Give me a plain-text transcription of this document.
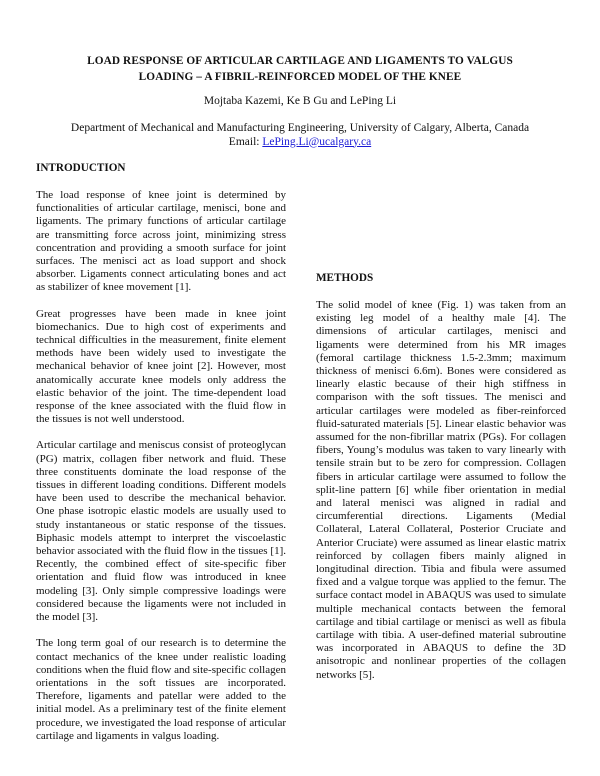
LOAD RESPONSE OF ARTICULAR CARTILAGE AND LIGAMENTS TO VALGUS
LOADING – A FIBRIL-REINFORCED MODEL OF THE KNEE
Mojtaba Kazemi, Ke B Gu and LePing Li
Department of Mechanical and Manufacturing Engineering, University of Calgary, Alberta, Canada
Email: LePing.Li@ucalgary.ca
INTRODUCTION

The load response of knee joint is determined by functionalities of articular cartilage, menisci, bone and ligaments. The primary functions of articular cartilage are transmitting force across joint, minimizing stress concentration and providing a smooth surface for joint surfaces. The menisci act as load support and shock absorber. Ligaments connect articulating bones and act as stabilizer of knee movement [1].

Great progresses have been made in knee joint biomechanics. Due to high cost of experiments and technical difficulties in the measurement, finite element methods have been widely used to investigate the mechanical behavior of knee joint [2]. However, most anatomically accurate knee models only address the elastic behavior of the joint. The time-dependent load response of the knee associated with the fluid flow in the tissues is not well understood.

Articular cartilage and meniscus consist of proteoglycan (PG) matrix, collagen fiber network and fluid. These three constituents dominate the load response of the tissues in different loading conditions. Different models have been used to describe the mechanical behavior. One phase isotropic elastic models are usually used to study instantaneous or static response of the tissues. Biphasic models attempt to interpret the viscoelastic behavior associated with the fluid flow in the tissues [1]. Recently, the combined effect of site-specific fiber orientation and fluid flow was introduced in knee modeling [3]. Only simple compressive loadings were considered because the ligaments were not included in the model [3].

The long term goal of our research is to determine the contact mechanics of the knee under realistic loading conditions when the fluid flow and site-specific collagen orientations in the soft tissues are incorporated. Therefore, ligaments and patellar were added to the initial model. As a preliminary test of the finite element procedure, we investigated the load response of articular cartilage and ligaments in valgus loading.

METHODS

The solid model of knee (Fig. 1) was taken from an existing leg model of a healthy male [4]. The dimensions of articular cartilages, menisci and ligaments were determined from his MR images (femoral cartilage thickness 1.5-2.3mm; maximum thickness of menisci 6.6m). Bones were considered as linearly elastic because of their high stiffness in comparison with the soft tissues. The menisci and articular cartilages were modeled as fiber-reinforced fluid-saturated materials [5]. Linear elastic behavior was assumed for the non-fibrillar matrix (PGs). For collagen fibers, Young’s modulus was taken to vary linearly with tensile strain but to be zero for compression. Collagen fibers in articular cartilage were assumed to follow the split-line pattern [6] while fiber orientation in medial and lateral menisci was aligned in radial and circumferential directions. Ligaments (Medial Collateral, Lateral Collateral, Posterior Cruciate and Anterior Cruciate) were assumed as linear elastic matrix reinforced by collagen fibers mainly aligned in longitudinal direction. Tibia and fibula were assumed fixed and a valgue torque was applied to the femur. The surface contact model in ABAQUS was used to simulate multiple mechanical contacts between the femoral cartilage and tibial cartilage or menisci as well as fibula cartilage with tibia. A user-defined material subroutine was incorporated in ABAQUS to define the 3D anisotropic and nonlinear properties of the collagen networks [5].
